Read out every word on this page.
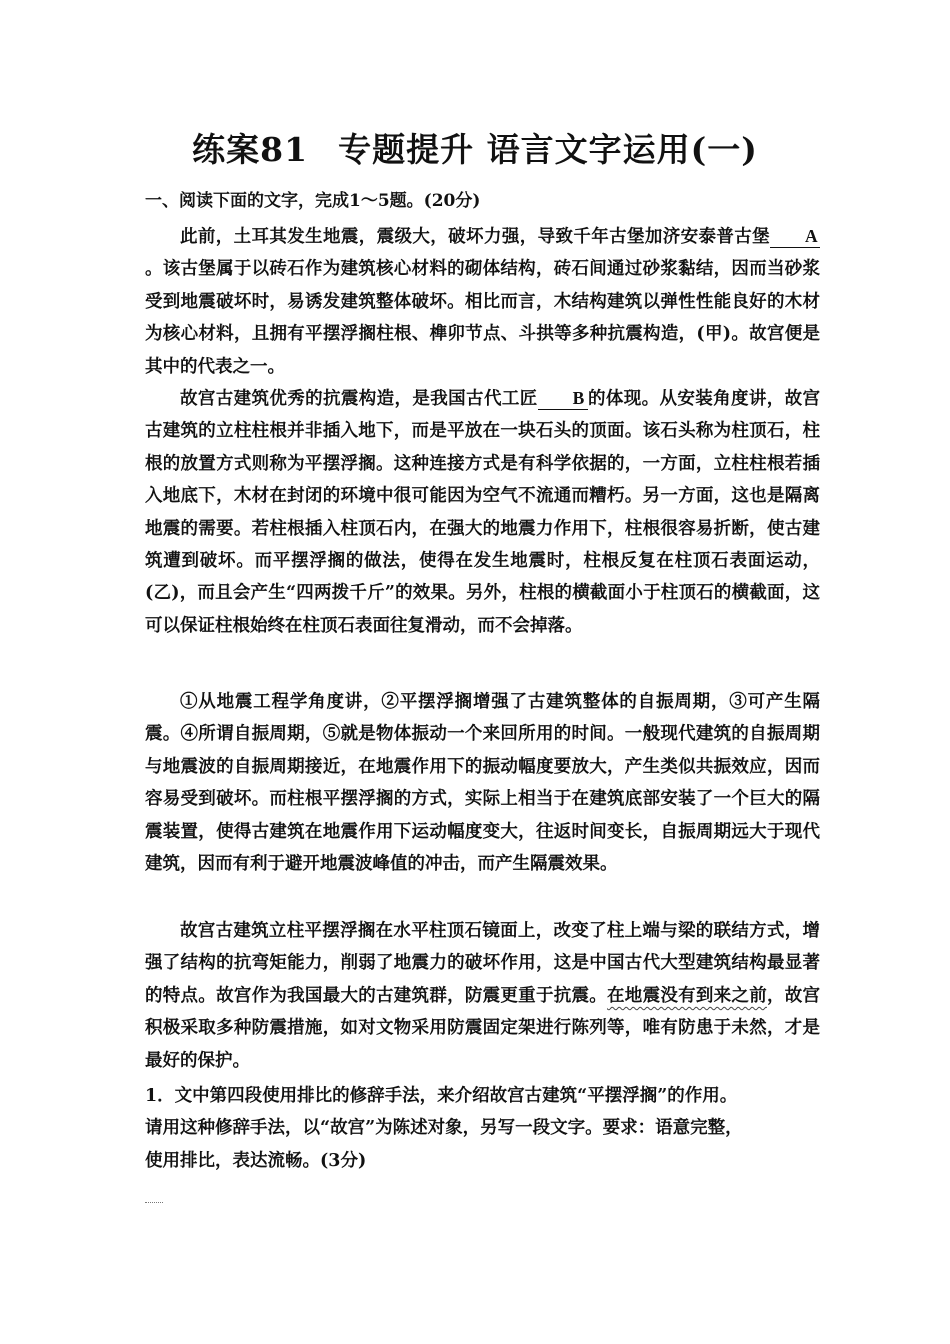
练案81 专题提升 语言文字运用(一)
一、阅读下面的文字，完成1～5题。(20分)

此前，土耳其发生地震，震级大，破坏力强，导致千年古堡加济安泰普古堡 A。该古堡属于以砖石作为建筑核心材料的砌体结构，砖石间通过砂浆黏结，因而当砂浆受到地震破坏时，易诱发建筑整体破坏。相比而言，木结构建筑以弹性性能良好的木材为核心材料，且拥有平摆浮搁柱根、榫卯节点、斗拱等多种抗震构造，(甲)。故宫便是其中的代表之一。

故宫古建筑优秀的抗震构造，是我国古代工匠 B 的体现。从安装角度讲，故宫古建筑的立柱柱根并非插入地下，而是平放在一块石头的顶面。该石头称为柱顶石，柱根的放置方式则称为平摆浮搁。这种连接方式是有科学依据的，一方面，立柱柱根若插入地底下，木材在封闭的环境中很可能因为空气不流通而糟朽。另一方面，这也是隔离地震的需要。若柱根插入柱顶石内，在强大的地震力作用下，柱根很容易折断，使古建筑遭到破坏。而平摆浮搁的做法，使得在发生地震时，柱根反复在柱顶石表面运动，(乙)，而且会产生“四两拨千斤”的效果。另外，柱根的横截面小于柱顶石的横截面，这可以保证柱根始终在柱顶石表面往复滑动，而不会掉落。

①从地震工程学角度讲，②平摆浮搁增强了古建筑整体的自振周期，③可产生隔震。④所谓自振周期，⑤就是物体振动一个来回所用的时间。一般现代建筑的自振周期与地震波的自振周期接近，在地震作用下的振动幅度要放大，产生类似共振效应，因而容易受到破坏。而柱根平摆浮搁的方式，实际上相当于在建筑底部安装了一个巨大的隔震装置，使得古建筑在地震作用下运动幅度变大，往返时间变长，自振周期远大于现代建筑，因而有利于避开地震波峰值的冲击，而产生隔震效果。

故宫古建筑立柱平摆浮搁在水平柱顶石镜面上，改变了柱上端与梁的联结方式，增强了结构的抗弯矩能力，削弱了地震力的破坏作用，这是中国古代大型建筑结构最显著的特点。故宫作为我国最大的古建筑群，防震更重于抗震。在地震没有到来之前，故宫积极采取多种防震措施，如对文物采用防震固定架进行陈列等，唯有防患于未然，才是最好的保护。

1．文中第四段使用排比的修辞手法，来介绍故宫古建筑“平摆浮搁”的作用。

请用这种修辞手法，以“故宫”为陈述对象，另写一段文字。要求：语意完整，

使用排比，表达流畅。(3分)
